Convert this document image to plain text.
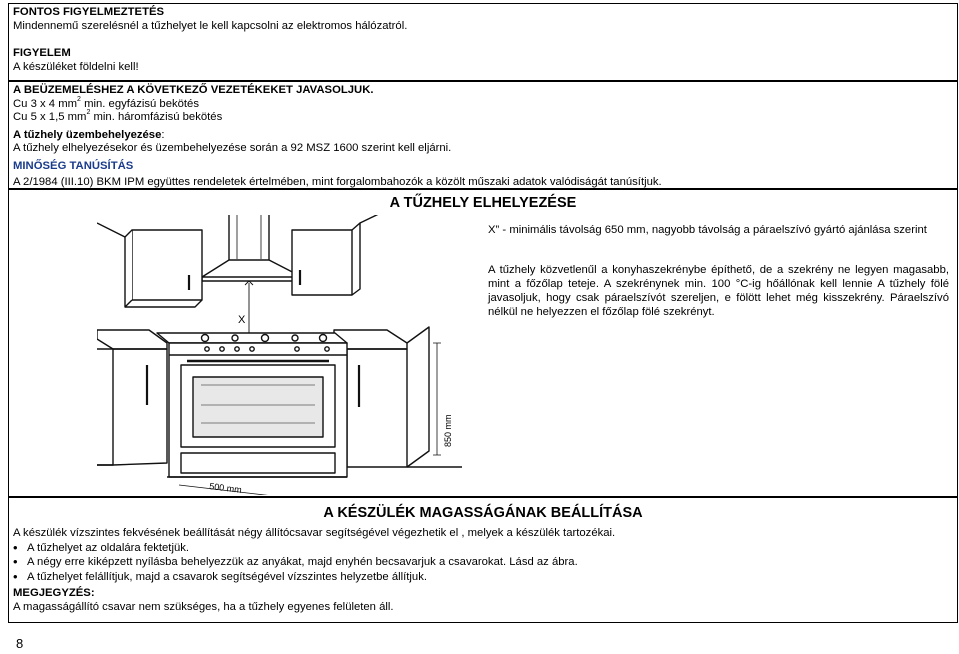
FONTOS FIGYELMEZTETÉS
Mindennemű szerelésnél a tűzhelyet le kell kapcsolni az elektromos hálózatról.
FIGYELEM
A készüléket földelni kell!
A BEÜZEMELÉSHEZ A KÖVETKEZŐ VEZETÉKEKET JAVASOLJUK.
Cu 3 x 4 $mm^2$ min. egyfázisú bekötés
Cu 5 x 1,5 $mm^2$ min. háromfázisú bekötés
A tűzhely üzembehelyezése:
A tűzhely elhelyezésekor és üzembehelyezése során a 92 MSZ 1600 szerint kell eljárni.
MINŐSÉG TANÚSÍTÁS
A 2/1984 (III.10) BKM IPM együttes rendeletek értelmében, mint forgalombahozók a közölt műszaki adatok valódiságát tanúsítjuk.
A TŰZHELY ELHELYEZÉSE
X” - minimális távolság 650 mm, nagyobb távolság a páraelszívó gyártó ajánlása szerint
A tűzhely közvetlenűl a konyhaszekrénybe építhető, de a szekrény ne legyen magasabb, mint a főzőlap teteje. A szekrénynek min. 100 °C-ig hőállónak kell lennie A tűzhely fölé javasoljuk, hogy csak páraelszívót szereljen, e fölött lehet még kisszekrény. Páraelszívó nélkül ne helyezzen el főzőlap fölé szekrényt.
X
500 mm
850 mm
A KÉSZÜLÉK MAGASSÁGÁNAK BEÁLLÍTÁSA
A készülék vízszintes fekvésének beállítását négy állítócsavar segítségével végezhetik el , melyek a készülék tartozékai.
• A tűzhelyet az oldalára fektetjük.
• A négy erre kiképzett nyílásba behelyezzük az anyákat, majd enyhén becsavarjuk a csavarokat. Lásd az ábra.
• A tűzhelyet felállítjuk, majd a csavarok segítségével vízszintes helyzetbe állítjuk.
MEGJEGYZÉS:
A magasságállító csavar nem szükséges, ha a tűzhely egyenes felületen áll.
8
